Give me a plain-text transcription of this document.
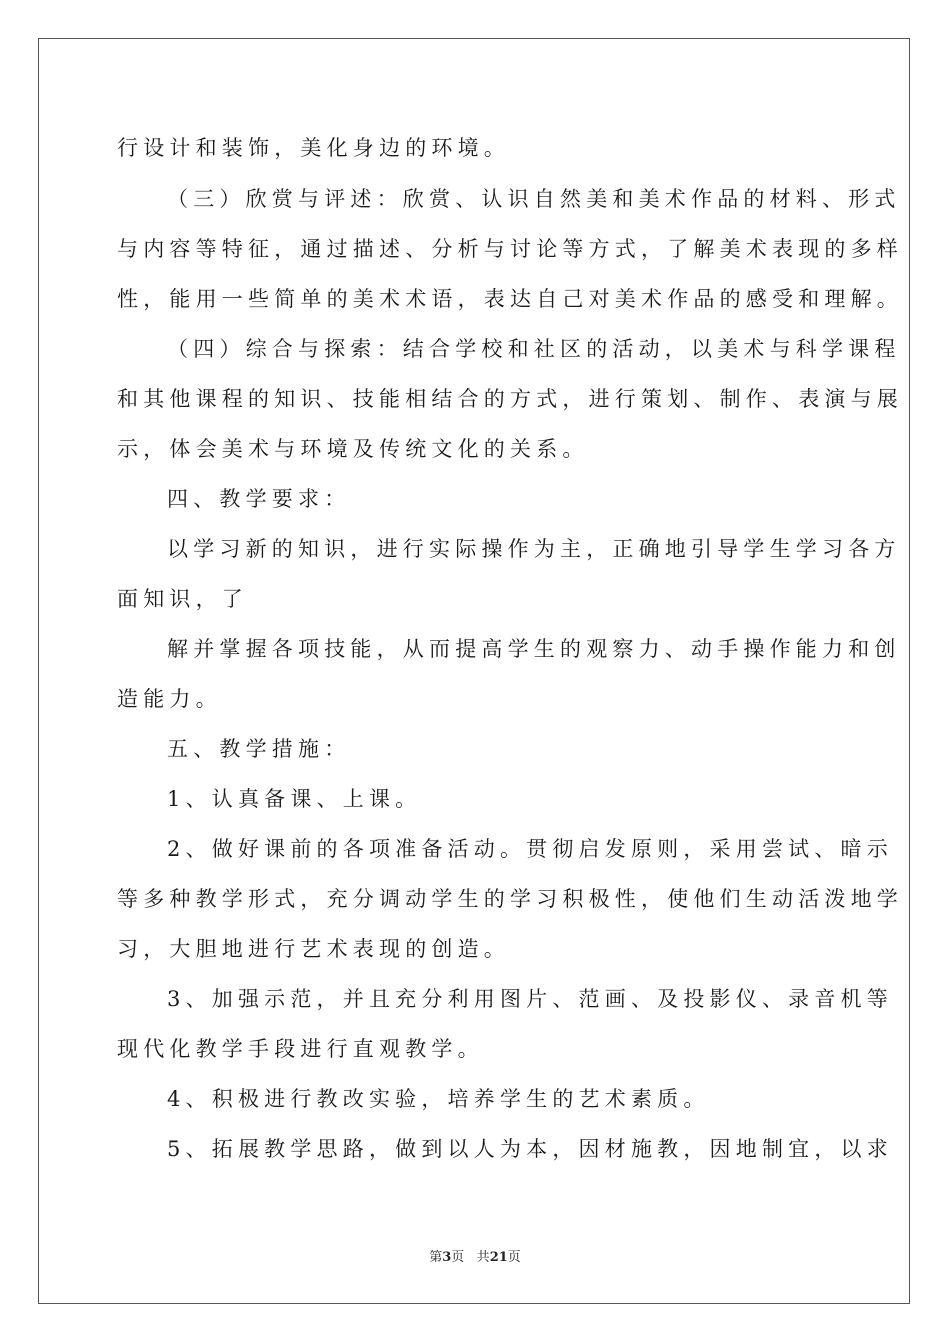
行设计和装饰，美化身边的环境。
（三）欣赏与评述：欣赏、认识自然美和美术作品的材料、形式
与内容等特征，通过描述、分析与讨论等方式，了解美术表现的多样
性，能用一些简单的美术术语，表达自己对美术作品的感受和理解。
（四）综合与探索：结合学校和社区的活动，以美术与科学课程
和其他课程的知识、技能相结合的方式，进行策划、制作、表演与展
示，体会美术与环境及传统文化的关系。
四、教学要求：
以学习新的知识，进行实际操作为主，正确地引导学生学习各方
面知识，了
解并掌握各项技能，从而提高学生的观察力、动手操作能力和创
造能力。
五、教学措施：
1、认真备课、上课。
2、做好课前的各项准备活动。贯彻启发原则，采用尝试、暗示
等多种教学形式，充分调动学生的学习积极性，使他们生动活泼地学
习，大胆地进行艺术表现的创造。
3、加强示范，并且充分利用图片、范画、及投影仪、录音机等
现代化教学手段进行直观教学。
4、积极进行教改实验，培养学生的艺术素质。
5、拓展教学思路，做到以人为本，因材施教，因地制宜，以求
第3页 共21页
